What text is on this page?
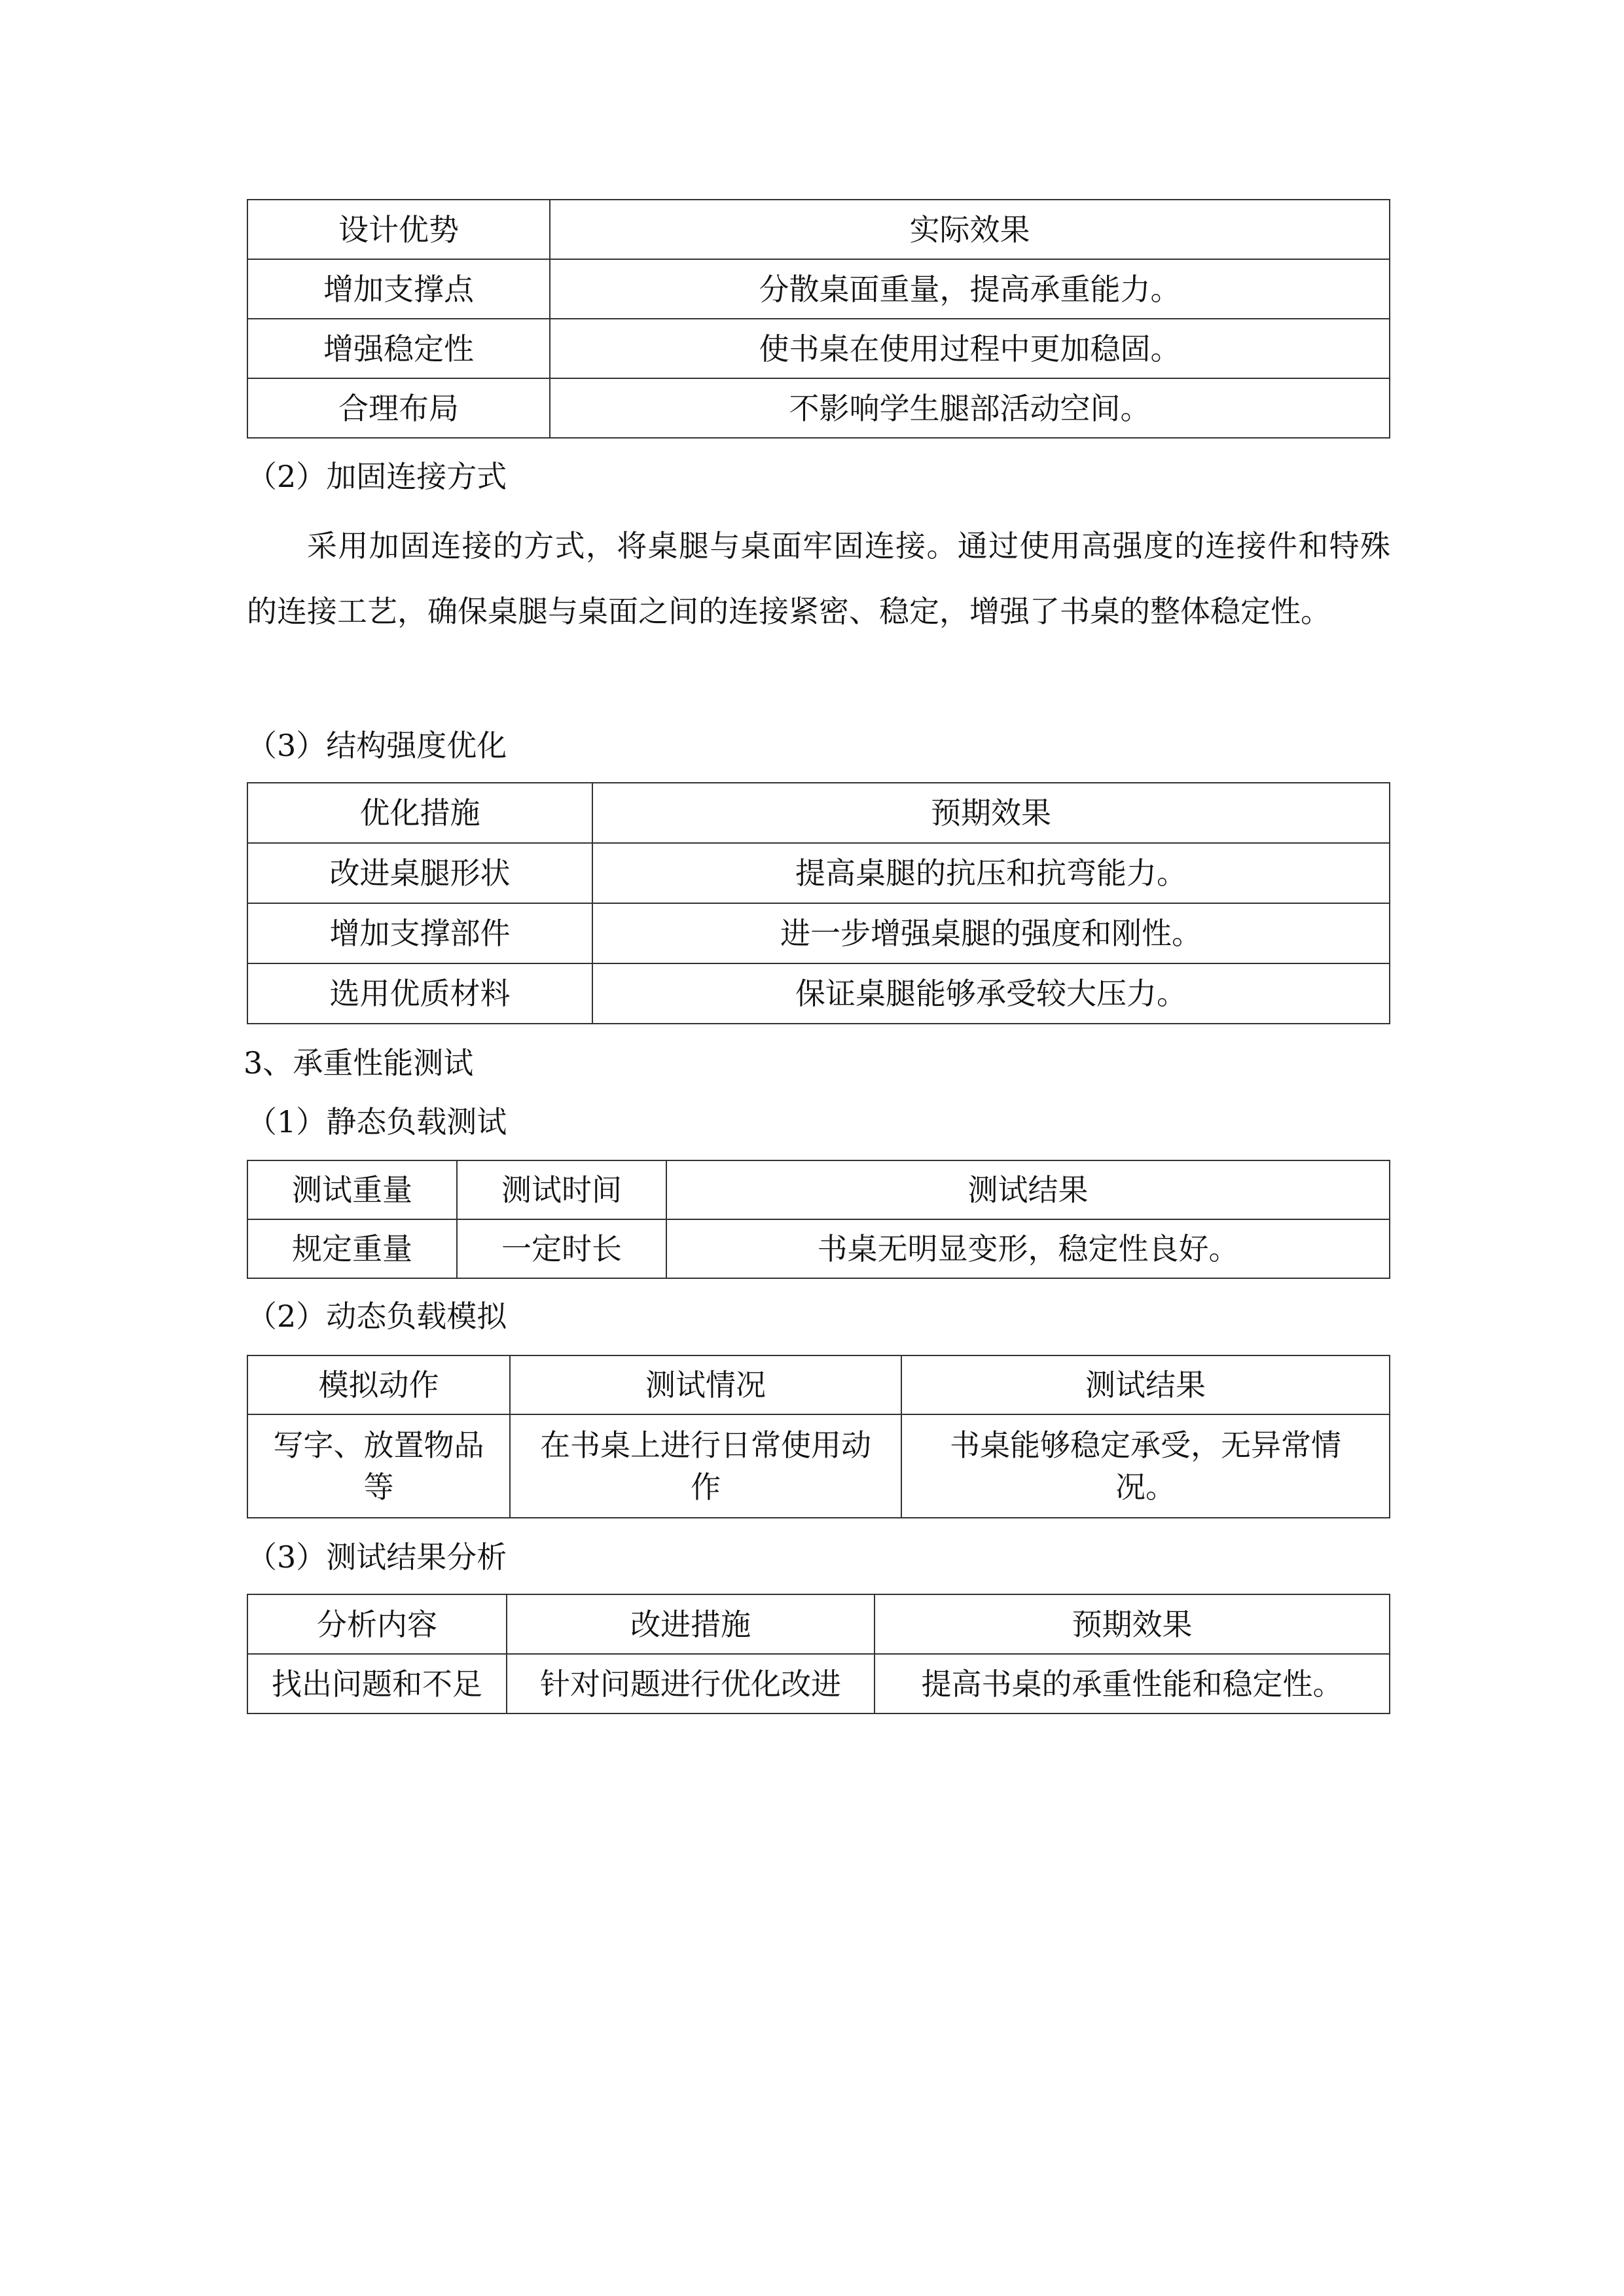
设计优势	实际效果
增加支撑点	分散桌面重量，提高承重能力。
增强稳定性	使书桌在使用过程中更加稳固。
合理布局	不影响学生腿部活动空间。
（2）加固连接方式
采用加固连接的方式，将桌腿与桌面牢固连接。通过使用高强度的连接件和特殊的连接工艺，确保桌腿与桌面之间的连接紧密、稳定，增强了书桌的整体稳定性。
（3）结构强度优化
优化措施	预期效果
改进桌腿形状	提高桌腿的抗压和抗弯能力。
增加支撑部件	进一步增强桌腿的强度和刚性。
选用优质材料	保证桌腿能够承受较大压力。
3、承重性能测试
（1）静态负载测试
测试重量	测试时间	测试结果
规定重量	一定时长	书桌无明显变形，稳定性良好。
（2）动态负载模拟
模拟动作	测试情况	测试结果
写字、放置物品等	在书桌上进行日常使用动作	书桌能够稳定承受，无异常情况。
（3）测试结果分析
分析内容	改进措施	预期效果
找出问题和不足	针对问题进行优化改进	提高书桌的承重性能和稳定性。
